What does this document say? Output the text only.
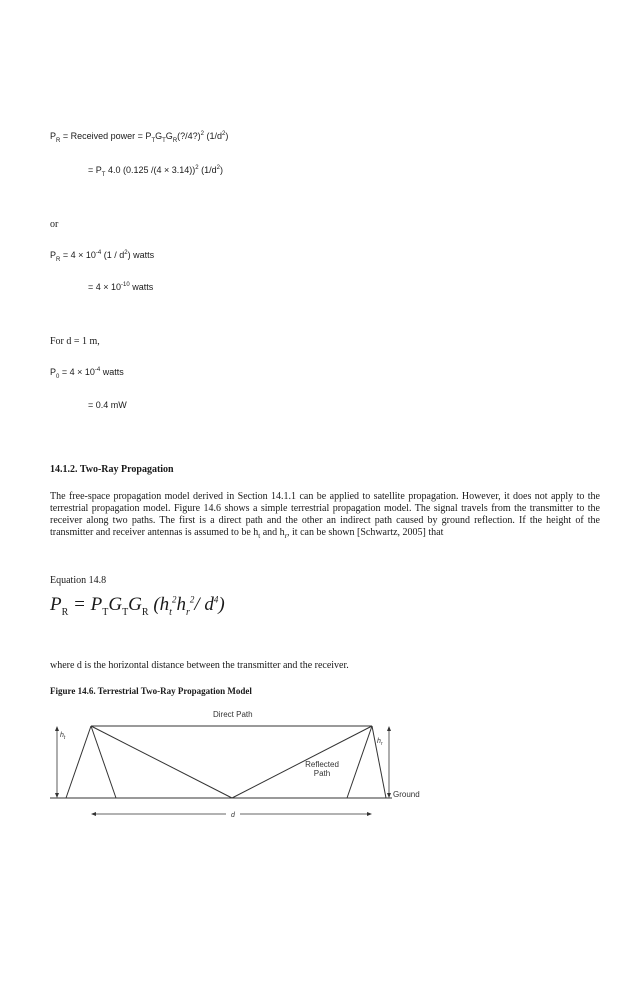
$P_R$ = Received power = $P_TG_TG_R(?/4?)^2$ $(1/d^2)$
= $P_T$ 4.0 (0.125 /(4 × 3.14))$^2$ $(1/d^2)$
or
$P_R = 4 \times 10^{-4}$ $(1 / d^2)$ watts
= $4 \times 10^{-10}$ watts
For d = 1 m,
$P_0 = 4 \times 10^{-4}$ watts
= 0.4 mW
14.1.2. Two-Ray Propagation
The free-space propagation model derived in Section 14.1.1 can be applied to satellite propagation. However, it does not apply to the terrestrial propagation model. Figure 14.6 shows a simple terrestrial propagation model. The signal travels from the transmitter to the receiver along two paths. The first is a direct path and the other an indirect path caused by ground reflection. If the height of the transmitter and receiver antennas is assumed to be $h_t$ and $h_r$, it can be shown [Schwartz, 2005] that
Equation 14.8
$P_R = P_TG_TG_R$ ($h_t^2h_r^2/$ $d^4$)
where d is the horizontal distance between the transmitter and the receiver.
Figure 14.6. Terrestrial Two-Ray Propagation Model
Direct Path
$h_t$	$h_r$
Reflected
Path
Ground
d
